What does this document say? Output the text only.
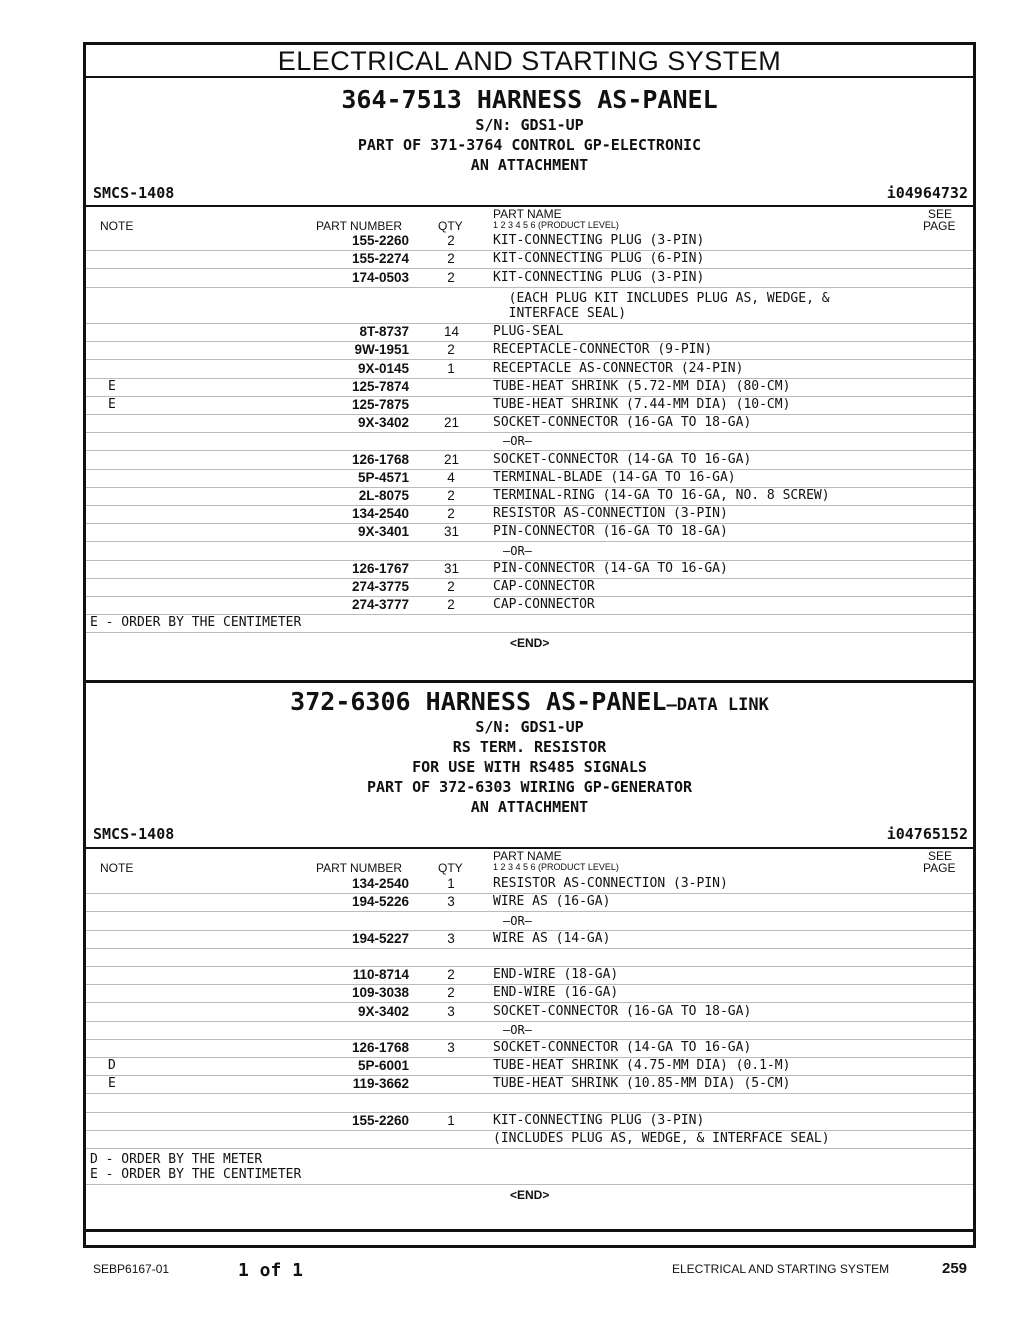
ELECTRICAL AND STARTING SYSTEM
364-7513 HARNESS AS-PANEL
S/N: GDS1-UP
PART OF 371-3764 CONTROL GP-ELECTRONIC
AN ATTACHMENT
SMCS-1408	i04964732
NOTE	PART NUMBER	QTY
PART NAME
1 2 3 4 5 6 (PRODUCT LEVEL)
SEE
PAGE
155-2260	2	KIT-CONNECTING PLUG (3-PIN)
155-2274	2	KIT-CONNECTING PLUG (6-PIN)
174-0503	2	KIT-CONNECTING PLUG (3-PIN)
(EACH PLUG KIT INCLUDES PLUG AS, WEDGE, &
INTERFACE SEAL)
8T-8737	14	PLUG-SEAL
9W-1951	2	RECEPTACLE-CONNECTOR (9-PIN)
9X-0145	1	RECEPTACLE AS-CONNECTOR (24-PIN)
E	125-7874	TUBE-HEAT SHRINK (5.72-MM DIA) (80-CM)
E	125-7875	TUBE-HEAT SHRINK (7.44-MM DIA) (10-CM)
9X-3402	21	SOCKET-CONNECTOR (16-GA TO 18-GA)
—OR—
126-1768	21	SOCKET-CONNECTOR (14-GA TO 16-GA)
5P-4571	4	TERMINAL-BLADE (14-GA TO 16-GA)
2L-8075	2	TERMINAL-RING (14-GA TO 16-GA, NO. 8 SCREW)
134-2540	2	RESISTOR AS-CONNECTION (3-PIN)
9X-3401	31	PIN-CONNECTOR (16-GA TO 18-GA)
—OR—
126-1767	31	PIN-CONNECTOR (14-GA TO 16-GA)
274-3775	2	CAP-CONNECTOR
274-3777	2	CAP-CONNECTOR
E - ORDER BY THE CENTIMETER
<END>
372-6306 HARNESS AS-PANEL—DATA LINK
S/N: GDS1-UP
RS TERM. RESISTOR
FOR USE WITH RS485 SIGNALS
PART OF 372-6303 WIRING GP-GENERATOR
AN ATTACHMENT
SMCS-1408	i04765152
NOTE	PART NUMBER	QTY
PART NAME
1 2 3 4 5 6 (PRODUCT LEVEL)
SEE
PAGE
134-2540	1	RESISTOR AS-CONNECTION (3-PIN)
194-5226	3	WIRE AS (16-GA)
—OR—
194-5227	3	WIRE AS (14-GA)
110-8714	2	END-WIRE (18-GA)
109-3038	2	END-WIRE (16-GA)
9X-3402	3	SOCKET-CONNECTOR (16-GA TO 18-GA)
—OR—
126-1768	3	SOCKET-CONNECTOR (14-GA TO 16-GA)
D	5P-6001	TUBE-HEAT SHRINK (4.75-MM DIA) (0.1-M)
E	119-3662	TUBE-HEAT SHRINK (10.85-MM DIA) (5-CM)
155-2260	1	KIT-CONNECTING PLUG (3-PIN)
(INCLUDES PLUG AS, WEDGE, & INTERFACE SEAL)
D - ORDER BY THE METER
E - ORDER BY THE CENTIMETER
<END>
SEBP6167-01	1 of 1	ELECTRICAL AND STARTING SYSTEM	259
